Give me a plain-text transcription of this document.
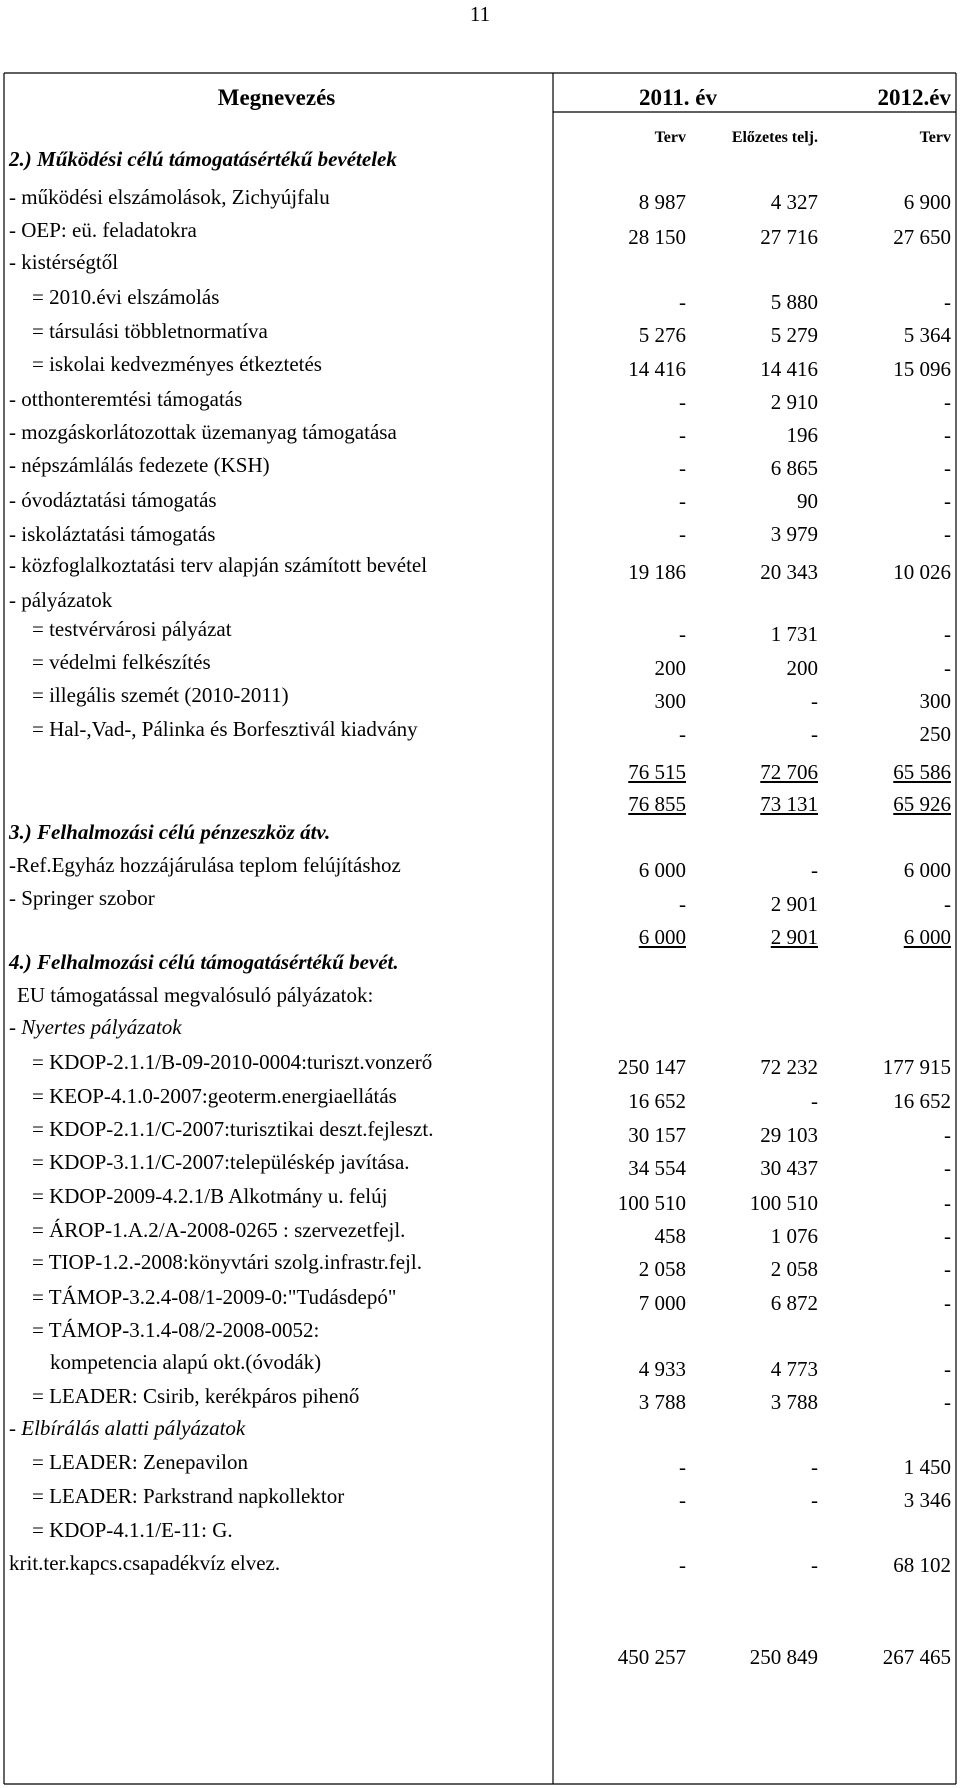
11
Megnevezés	2011. év	2012.év
Terv	Előzetes telj.	Terv
2.) Működési célú támogatásértékű bevételek
- működési elszámolások, Zichyújfalu	8 987	4 327	6 900
- OEP: eü. feladatokra	28 150	27 716	27 650
- kistérségtől
= 2010.évi elszámolás	-	5 880	-
= társulási többletnormatíva	5 276	5 279	5 364
= iskolai kedvezményes étkeztetés	14 416	14 416	15 096
- otthonteremtési támogatás	-	2 910	-
- mozgáskorlátozottak üzemanyag támogatása	-	196	-
- népszámlálás fedezete (KSH)	-	6 865	-
- óvodáztatási támogatás	-	90	-
- iskoláztatási támogatás	-	3 979	-
- közfoglalkoztatási terv alapján számított bevétel	19 186	20 343	10 026
- pályázatok
= testvérvárosi pályázat	-	1 731	-
= védelmi felkészítés	200	200	-
= illegális szemét (2010-2011)	300	-	300
= Hal-,Vad-, Pálinka és Borfesztivál kiadvány	-	-	250
76 515	72 706	65 586
76 855	73 131	65 926
3.) Felhalmozási célú pénzeszköz átv.
-Ref.Egyház hozzájárulása teplom felújításhoz	6 000	-	6 000
- Springer szobor	-	2 901	-
6 000	2 901	6 000
4.) Felhalmozási célú támogatásértékű bevét.
EU támogatással megvalósuló pályázatok:
- Nyertes pályázatok
= KDOP-2.1.1/B-09-2010-0004:turiszt.vonzerő	250 147	72 232	177 915
= KEOP-4.1.0-2007:geoterm.energiaellátás	16 652	-	16 652
= KDOP-2.1.1/C-2007:turisztikai deszt.fejleszt.	30 157	29 103	-
= KDOP-3.1.1/C-2007:településkép javítása.	34 554	30 437	-
= KDOP-2009-4.2.1/B Alkotmány u. felúj	100 510	100 510	-
= ÁROP-1.A.2/A-2008-0265 : szervezetfejl.	458	1 076	-
= TIOP-1.2.-2008:könyvtári szolg.infrastr.fejl.	2 058	2 058	-
= TÁMOP-3.2.4-08/1-2009-0:"Tudásdepó"	7 000	6 872	-
= TÁMOP-3.1.4-08/2-2008-0052:
kompetencia alapú okt.(óvodák)	4 933	4 773	-
= LEADER: Csirib, kerékpáros pihenő	3 788	3 788	-
- Elbírálás alatti pályázatok
= LEADER: Zenepavilon	-	-	1 450
= LEADER: Parkstrand napkollektor	-	-	3 346
= KDOP-4.1.1/E-11: G.
krit.ter.kapcs.csapadékvíz elvez.	-	-	68 102
450 257	250 849	267 465
